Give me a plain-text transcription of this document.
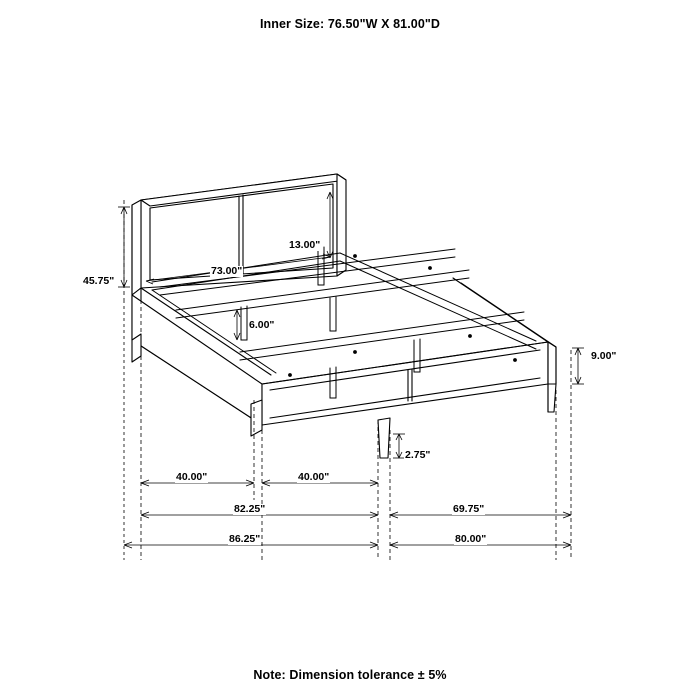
Inner Size: 76.50"W X 81.00"D
45.75"
13.00"
73.00"
6.00"
9.00"
2.75"
40.00"	40.00"
82.25"	69.75"
86.25"	80.00"
Note: Dimension tolerance ± 5%
